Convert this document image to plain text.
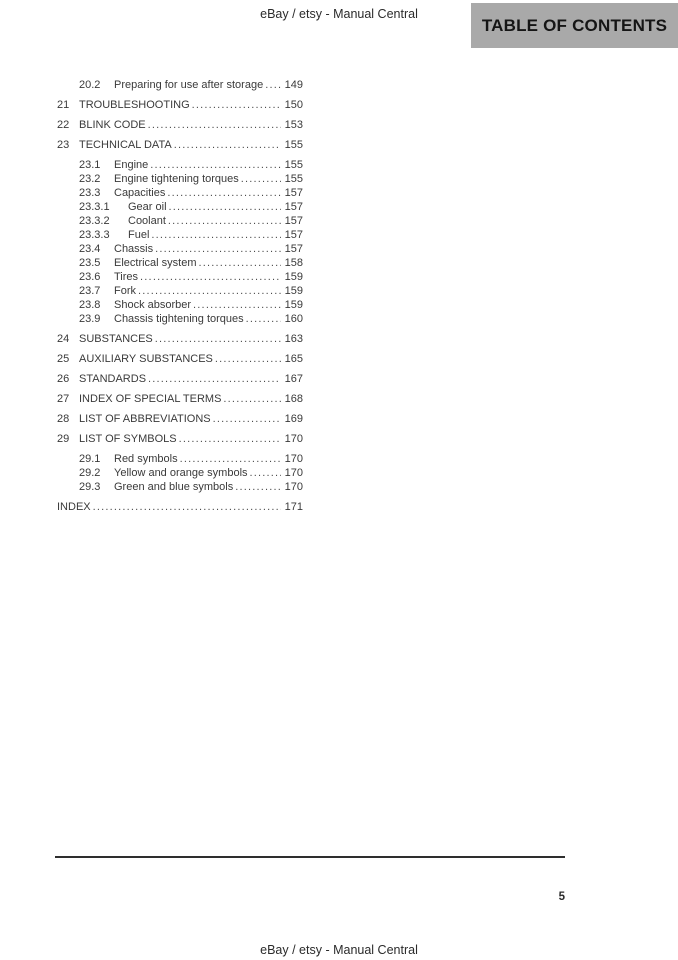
eBay / etsy - Manual Central
TABLE OF CONTENTS
20.2	Preparing for use after storage ..... 149
21 TROUBLESHOOTING .....	150
22 BLINK CODE .....	153
23 TECHNICAL DATA .....	155
23.1	Engine .....	155
23.2	Engine tightening torques .....	155
23.3	Capacities .....	157
23.3.1	Gear oil .....	157
23.3.2	Coolant .....	157
23.3.3	Fuel .....	157
23.4	Chassis .....	157
23.5	Electrical system .....	158
23.6	Tires .....	159
23.7	Fork .....	159
23.8	Shock absorber .....	159
23.9	Chassis tightening torques .....	160
24 SUBSTANCES .....	163
25 AUXILIARY SUBSTANCES .....	165
26 STANDARDS .....	167
27 INDEX OF SPECIAL TERMS .....	168
28 LIST OF ABBREVIATIONS .....	169
29 LIST OF SYMBOLS .....	170
29.1	Red symbols .....	170
29.2	Yellow and orange symbols .....	170
29.3	Green and blue symbols .....	170
INDEX .....	171
5
eBay / etsy - Manual Central
